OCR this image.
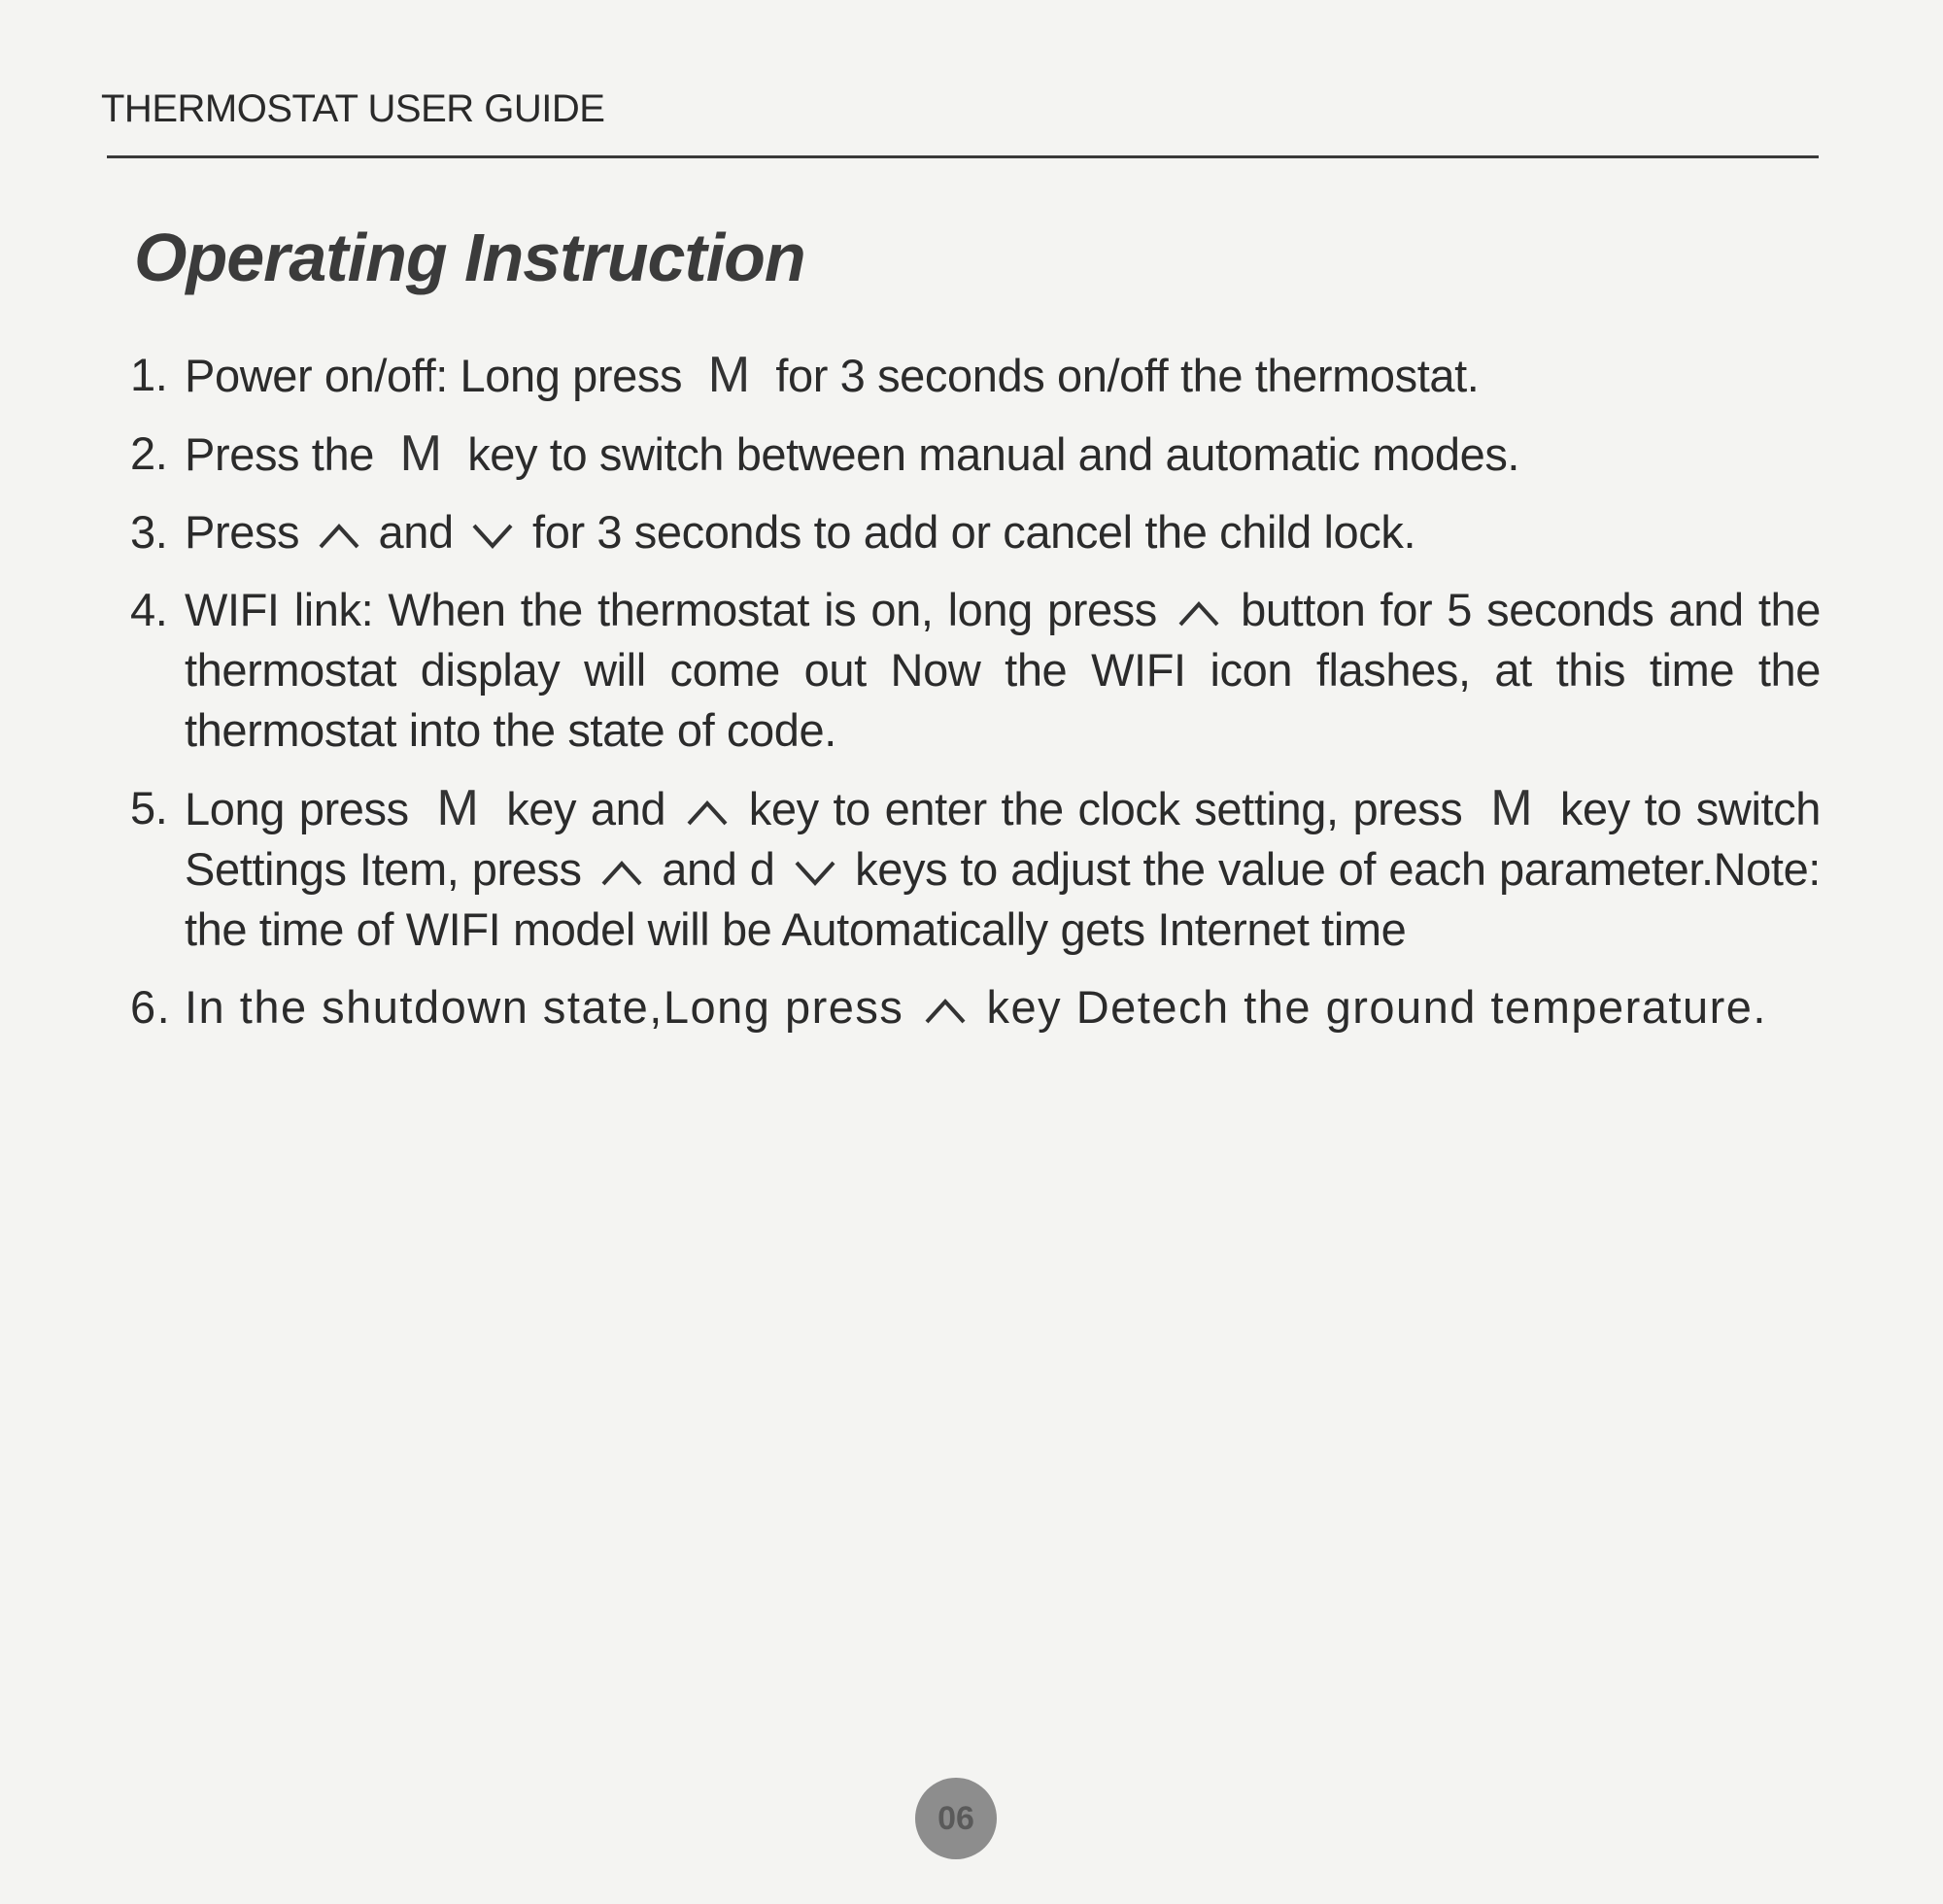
THERMOSTAT USER GUIDE
Operating Instruction
1. Power on/off: Long press M for 3 seconds on/off the thermostat.
2. Press the M key to switch between manual and automatic modes.
3. Press and for 3 seconds to add or cancel the child lock.
4. WIFI link: When the thermostat is on, long press button for 5 seconds and the thermostat display will come out Now the WIFI icon flashes, at this time the thermostat into the state of code.
5. Long press M key and key to enter the clock setting, press M key to switch Settings Item, press and d keys to adjust the value of each parameter.Note: the time of WIFI model will be Automatically gets Internet time
6. In the shutdown state,Long press key Detech the ground temperature.
06
